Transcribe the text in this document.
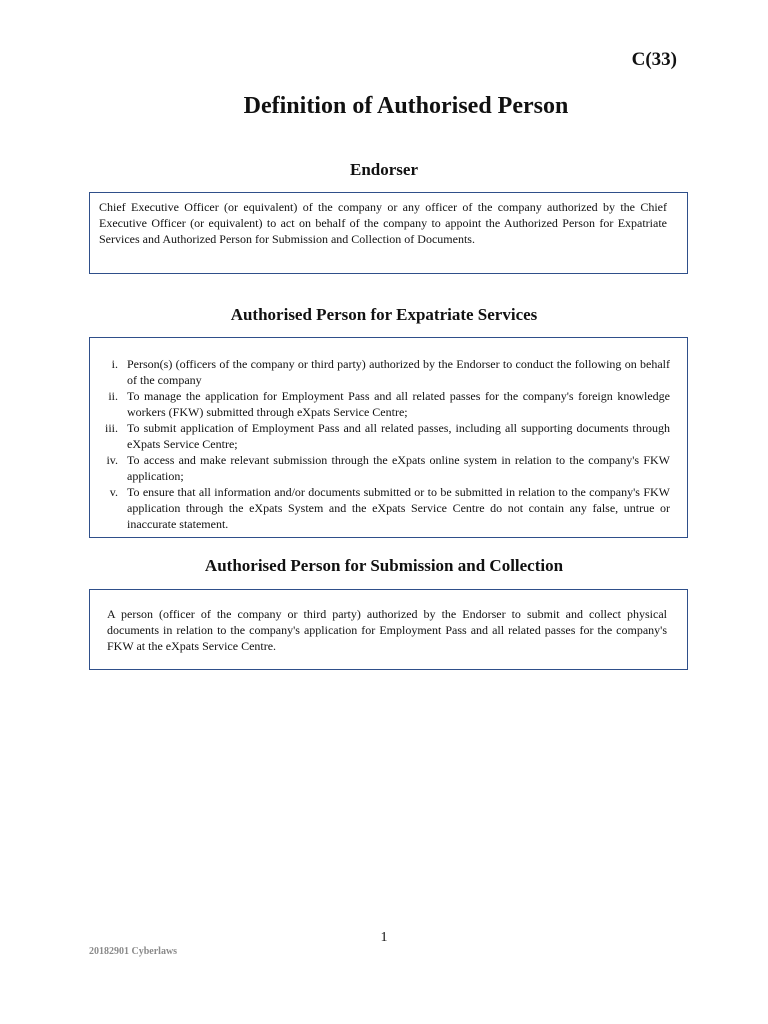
C(33)
Definition of Authorised Person
Endorser
Chief Executive Officer (or equivalent) of the company or any officer of the company authorized by the Chief Executive Officer (or equivalent) to act on behalf of the company to appoint the Authorized Person for Expatriate Services and Authorized Person for Submission and Collection of Documents.
Authorised Person for Expatriate Services
i. Person(s) (officers of the company or third party) authorized by the Endorser to conduct the following on behalf of the company
ii. To manage the application for Employment Pass and all related passes for the company's foreign knowledge workers (FKW) submitted through eXpats Service Centre;
iii. To submit application of Employment Pass and all related passes, including all supporting documents through eXpats Service Centre;
iv. To access and make relevant submission through the eXpats online system in relation to the company's FKW application;
v. To ensure that all information and/or documents submitted or to be submitted in relation to the company's FKW application through the eXpats System and the eXpats Service Centre do not contain any false, untrue or inaccurate statement.
Authorised Person for Submission and Collection
A person (officer of the company or third party) authorized by the Endorser to submit and collect physical documents in relation to the company's application for Employment Pass and all related passes for the company's FKW at the eXpats Service Centre.
1
20182901 Cyberlaws
